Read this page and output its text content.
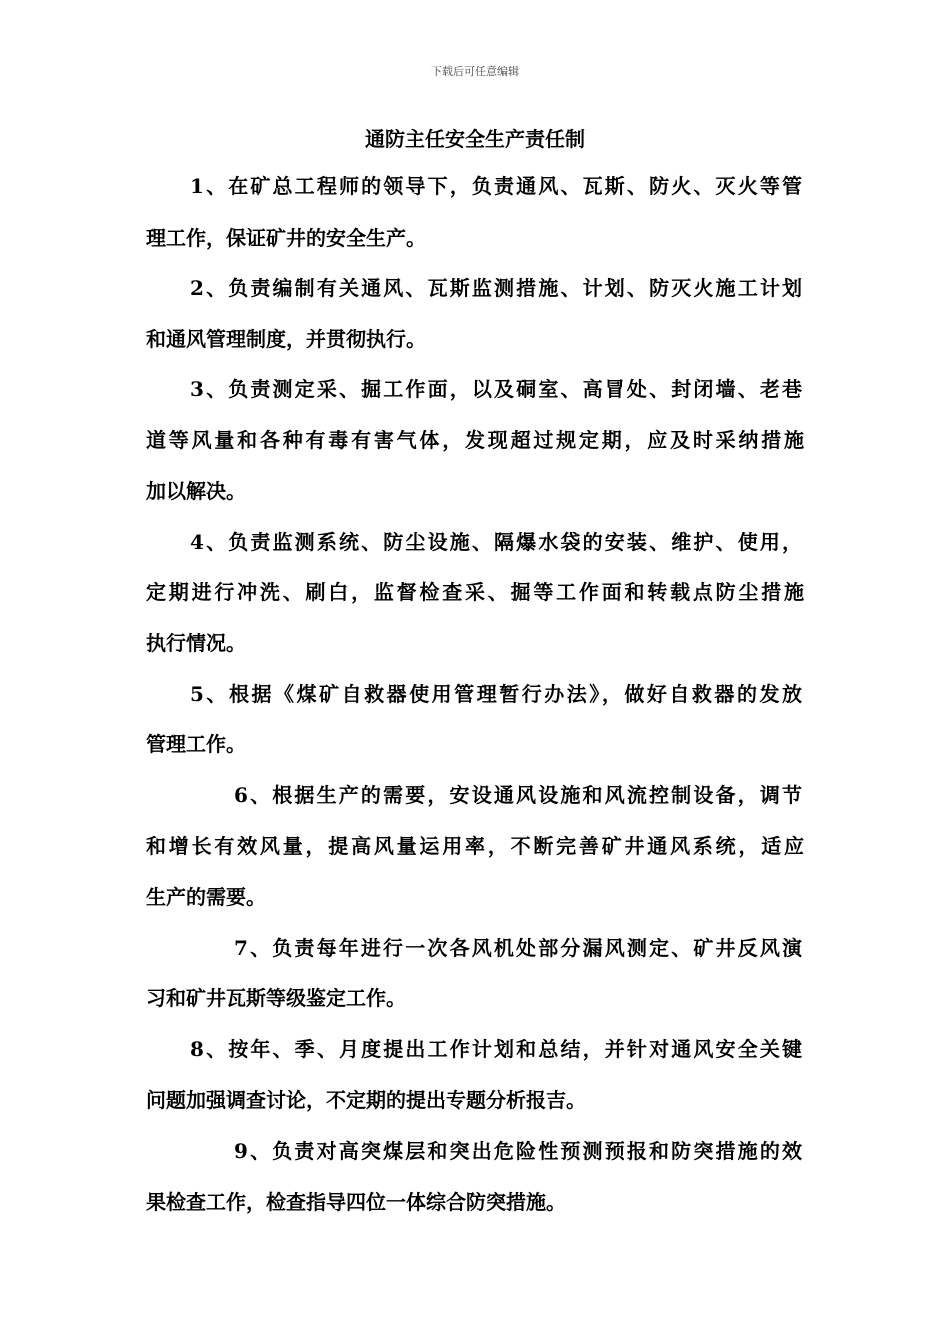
下载后可任意编辑
通防主任安全生产责任制
1、在矿总工程师的领导下，负责通风、瓦斯、防火、灭火等管
理工作，保证矿井的安全生产。
2、负责编制有关通风、瓦斯监测措施、计划、防灭火施工计划
和通风管理制度，并贯彻执行。
3、负责测定采、掘工作面，以及硐室、高冒处、封闭墙、老巷
道等风量和各种有毒有害气体，发现超过规定期，应及时采纳措施
加以解决。
4、负责监测系统、防尘设施、隔爆水袋的安装、维护、使用，
定期进行冲洗、刷白，监督检查采、掘等工作面和转载点防尘措施
执行情况。
5、根据《煤矿自救器使用管理暂行办法》，做好自救器的发放
管理工作。
6、根据生产的需要，安设通风设施和风流控制设备，调节
和增长有效风量，提高风量运用率，不断完善矿井通风系统，适应
生产的需要。
7、负责每年进行一次各风机处部分漏风测定、矿井反风演
习和矿井瓦斯等级鉴定工作。
8、按年、季、月度提出工作计划和总结，并针对通风安全关键
问题加强调查讨论，不定期的提出专题分析报吉。
9、负责对高突煤层和突出危险性预测预报和防突措施的效
果检查工作，检查指导四位一体综合防突措施。
